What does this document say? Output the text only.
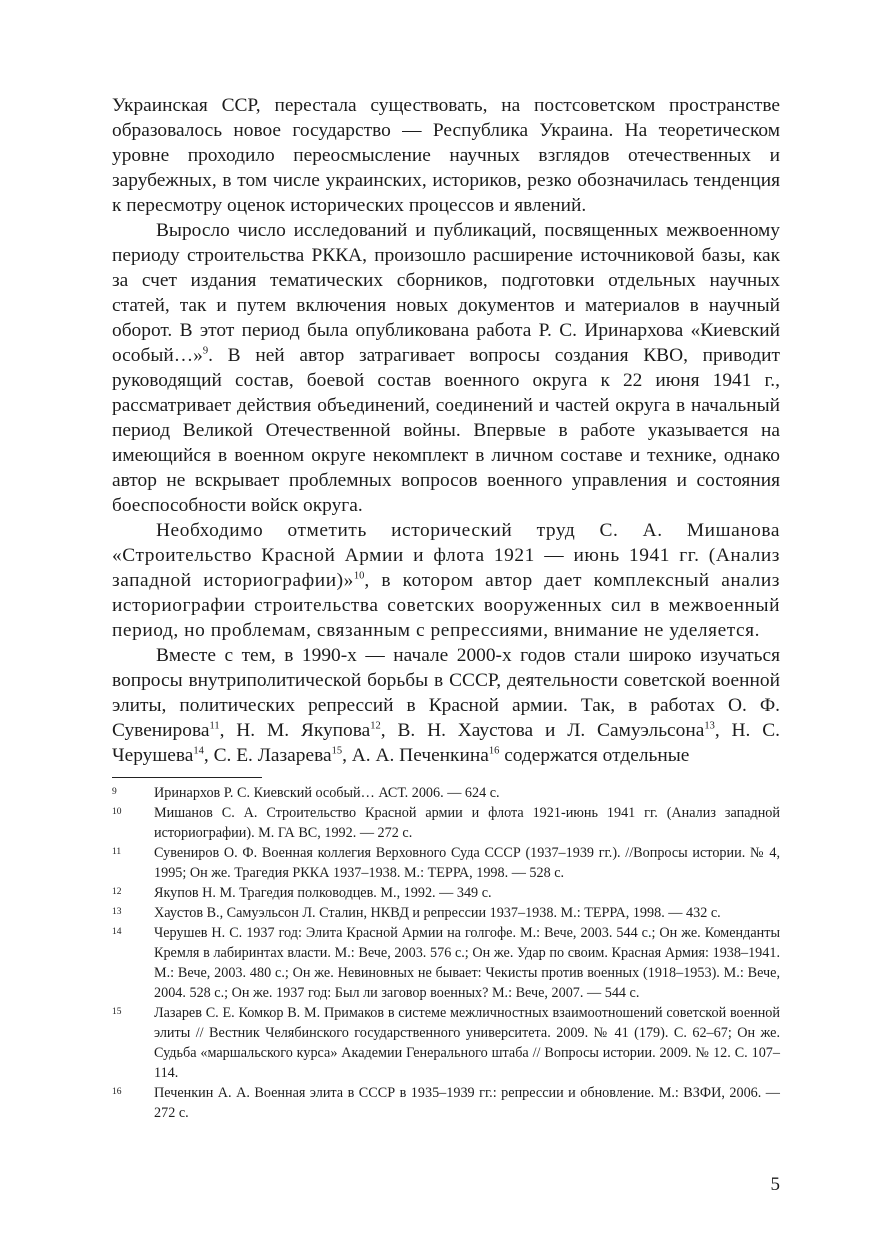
Украинская ССР, перестала существовать, на постсоветском пространстве образовалось новое государство — Республика Украина. На теоретическом уровне проходило переосмысление научных взглядов отечественных и зарубежных, в том числе украинских, историков, резко обозначилась тенденция к пересмотру оценок исторических процессов и явлений.

Выросло число исследований и публикаций, посвященных межвоенному периоду строительства РККА, произошло расширение источниковой базы, как за счет издания тематических сборников, подготовки отдельных научных статей, так и путем включения новых документов и материалов в научный оборот. В этот период была опубликована работа Р. С. Иринархова «Киевский особый…»$^9$. В ней автор затрагивает вопросы создания КВО, приводит руководящий состав, боевой состав военного округа к 22 июня 1941 г., рассматривает действия объединений, соединений и частей округа в начальный период Великой Отечественной войны. Впервые в работе указывается на имеющийся в военном округе некомплект в личном составе и технике, однако автор не вскрывает проблемных вопросов военного управления и состояния боеспособности войск округа.

Необходимо отметить исторический труд С. А. Мишанова «Строительство Красной Армии и флота 1921 — июнь 1941 гг. (Анализ западной историографии)»$^{10}$, в котором автор дает комплексный анализ историографии строительства советских вооруженных сил в межвоенный период, но проблемам, связанным с репрессиями, внимание не уделяется.

Вместе с тем, в 1990-х — начале 2000-х годов стали широко изучаться вопросы внутриполитической борьбы в СССР, деятельности советской военной элиты, политических репрессий в Красной армии. Так, в работах О. Ф. Сувенирова$^{11}$, Н. М. Якупова$^{12}$, В. Н. Хаустова и Л. Самуэльсона$^{13}$, Н. С. Черушева$^{14}$, С. Е. Лазарева$^{15}$, А. А. Печенкина$^{16}$ содержатся отдельные

9	Иринархов Р. С. Киевский особый… АСТ. 2006. — 624 с.
10	Мишанов С. А. Строительство Красной армии и флота 1921-июнь 1941 гг. (Анализ западной историографии). М. ГА ВС, 1992. — 272 с.
11	Сувениров О. Ф. Военная коллегия Верховного Суда СССР (1937–1939 гг.). //Вопросы истории. № 4, 1995; Он же. Трагедия РККА 1937–1938. М.: ТЕРРА, 1998. — 528 с.
12	Якупов Н. М. Трагедия полководцев. М., 1992. — 349 с.
13	Хаустов В., Самуэльсон Л. Сталин, НКВД и репрессии 1937–1938. М.: ТЕРРА, 1998. — 432 с.
14	Черушев Н. С. 1937 год: Элита Красной Армии на голгофе. М.: Вече, 2003. 544 с.; Он же. Коменданты Кремля в лабиринтах власти. М.: Вече, 2003. 576 с.; Он же. Удар по своим. Красная Армия: 1938–1941. М.: Вече, 2003. 480 с.; Он же. Невиновных не бывает: Чекисты против военных (1918–1953). М.: Вече, 2004. 528 с.; Он же. 1937 год: Был ли заговор военных? М.: Вече, 2007. — 544 с.
15	Лазарев С. Е. Комкор В. М. Примаков в системе межличностных взаимоотношений советской военной элиты // Вестник Челябинского государственного университета. 2009. № 41 (179). С. 62–67; Он же. Судьба «маршальского курса» Академии Генерального штаба // Вопросы истории. 2009. № 12. С. 107–114.
16	Печенкин А. А. Военная элита в СССР в 1935–1939 гг.: репрессии и обновление. М.: ВЗФИ, 2006. — 272 с.
5
